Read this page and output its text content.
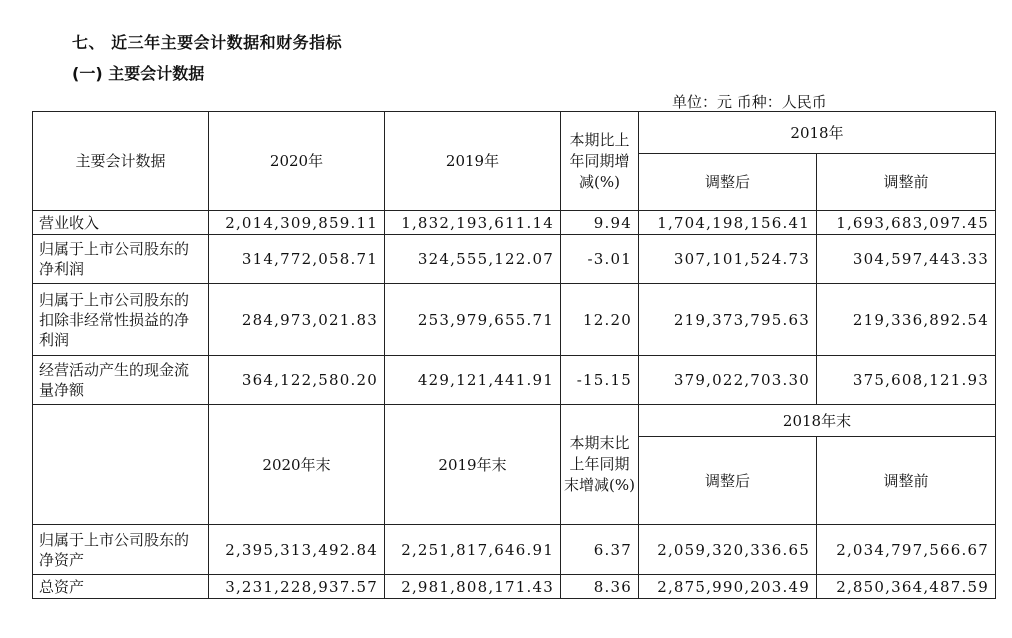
七、 近三年主要会计数据和财务指标
(一) 主要会计数据
单位：元 币种：人民币
主要会计数据	2020年	2019年	本期比上年同期增减(%)	2018年	
				调整后	调整前
营业收入	2,014,309,859.11	1,832,193,611.14	9.94	1,704,198,156.41	1,693,683,097.45
归属于上市公司股东的净利润	314,772,058.71	324,555,122.07	-3.01	307,101,524.73	304,597,443.33
归属于上市公司股东的扣除非经常性损益的净利润	284,973,021.83	253,979,655.71	12.20	219,373,795.63	219,336,892.54
经营活动产生的现金流量净额	364,122,580.20	429,121,441.91	-15.15	379,022,703.30	375,608,121.93
	2020年末	2019年末	本期末比上年同期末增减(%)	2018年末	
				调整后	调整前
归属于上市公司股东的净资产	2,395,313,492.84	2,251,817,646.91	6.37	2,059,320,336.65	2,034,797,566.67
总资产	3,231,228,937.57	2,981,808,171.43	8.36	2,875,990,203.49	2,850,364,487.59
